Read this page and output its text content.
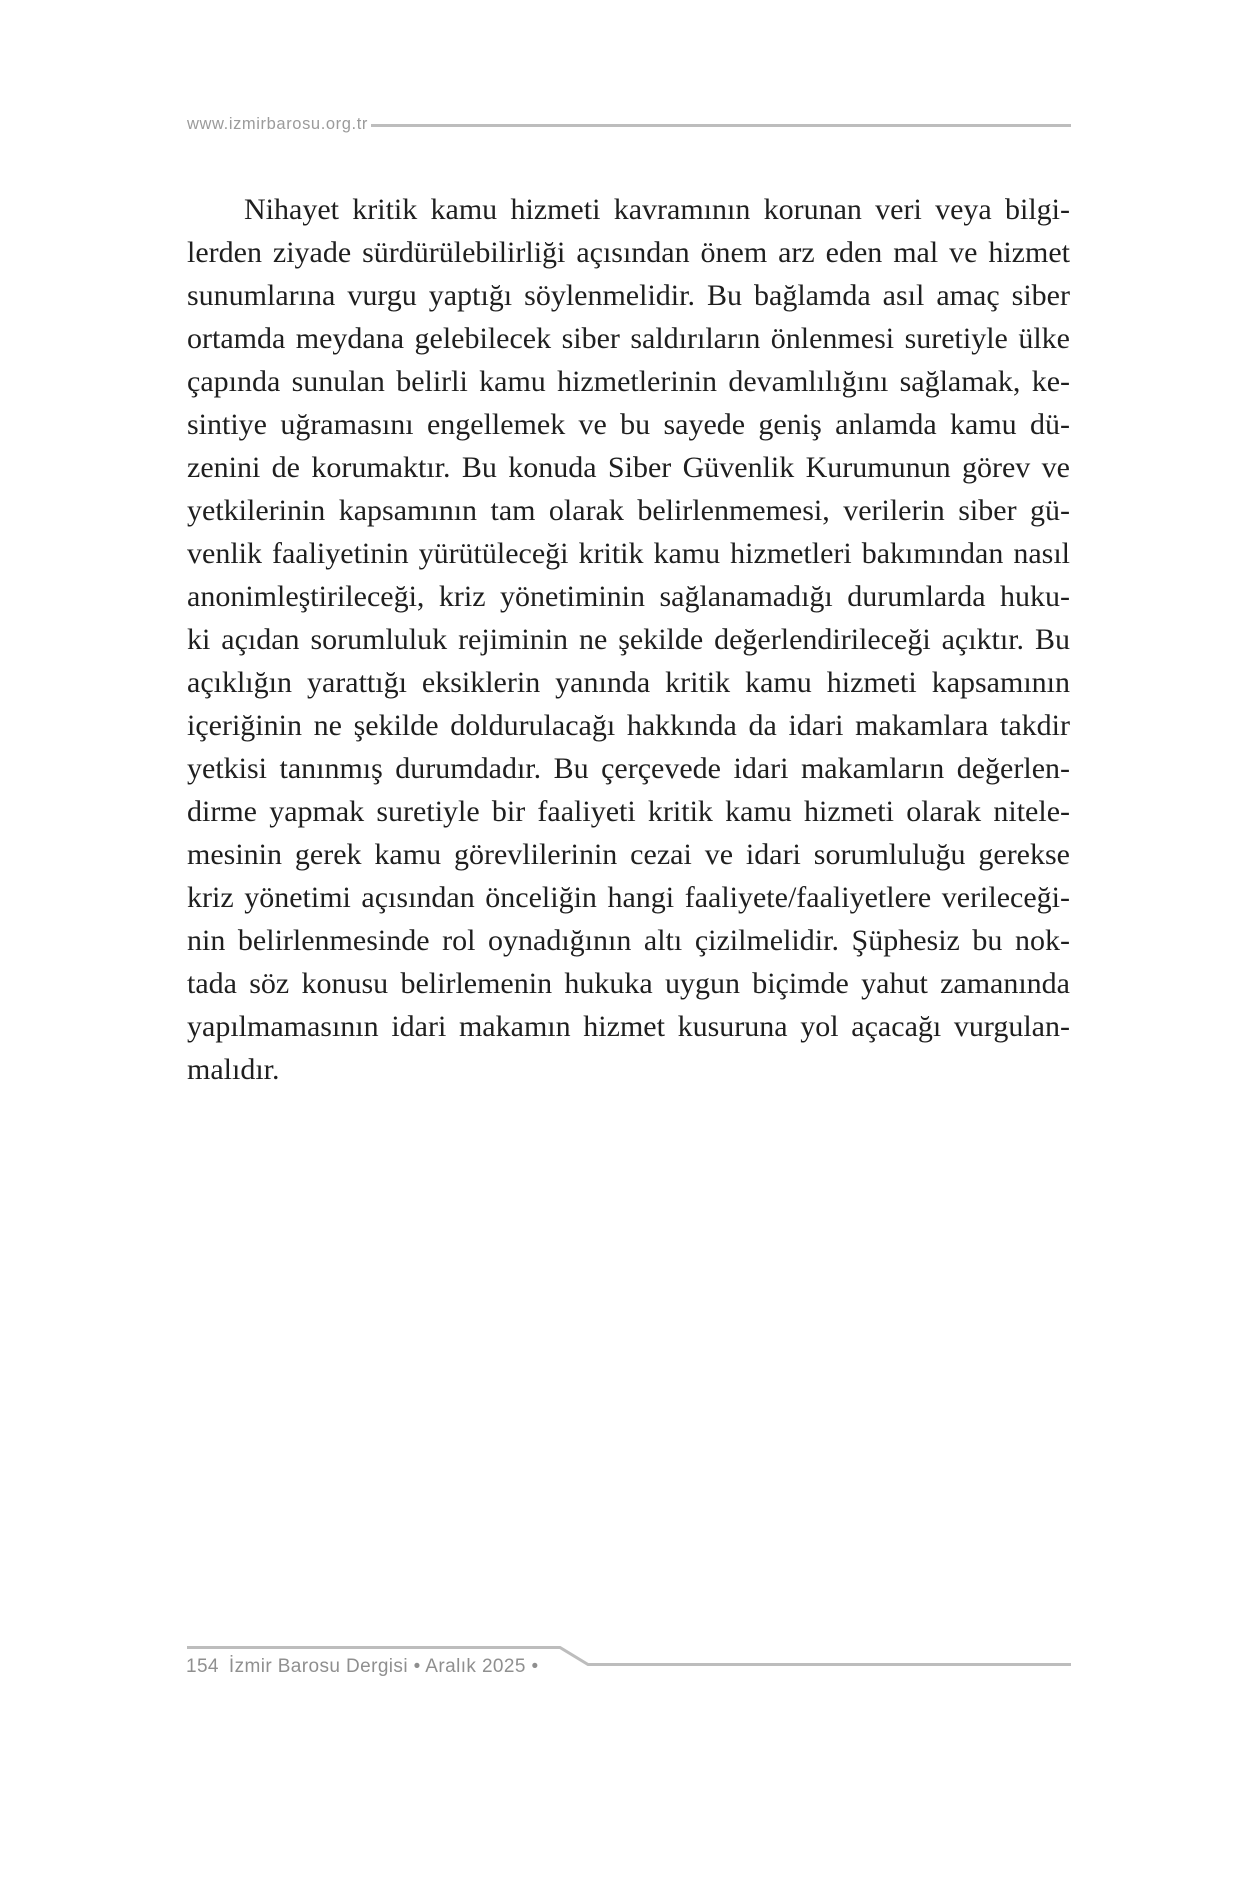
www.izmirbarosu.org.tr
Nihayet kritik kamu hizmeti kavramının korunan veri veya bilgi-
lerden ziyade sürdürülebilirliği açısından önem arz eden mal ve hizmet
sunumlarına vurgu yaptığı söylenmelidir. Bu bağlamda asıl amaç siber
ortamda meydana gelebilecek siber saldırıların önlenmesi suretiyle ülke
çapında sunulan belirli kamu hizmetlerinin devamlılığını sağlamak, ke-
sintiye uğramasını engellemek ve bu sayede geniş anlamda kamu dü-
zenini de korumaktır. Bu konuda Siber Güvenlik Kurumunun görev ve
yetkilerinin kapsamının tam olarak belirlenmemesi, verilerin siber gü-
venlik faaliyetinin yürütüleceği kritik kamu hizmetleri bakımından nasıl
anonimleştirileceği, kriz yönetiminin sağlanamadığı durumlarda huku-
ki açıdan sorumluluk rejiminin ne şekilde değerlendirileceği açıktır. Bu
açıklığın yarattığı eksiklerin yanında kritik kamu hizmeti kapsamının
içeriğinin ne şekilde doldurulacağı hakkında da idari makamlara takdir
yetkisi tanınmış durumdadır. Bu çerçevede idari makamların değerlen-
dirme yapmak suretiyle bir faaliyeti kritik kamu hizmeti olarak nitele-
mesinin gerek kamu görevlilerinin cezai ve idari sorumluluğu gerekse
kriz yönetimi açısından önceliğin hangi faaliyete/faaliyetlere verileceği-
nin belirlenmesinde rol oynadığının altı çizilmelidir. Şüphesiz bu nok-
tada söz konusu belirlemenin hukuka uygun biçimde yahut zamanında
yapılmamasının idari makamın hizmet kusuruna yol açacağı vurgulan-
malıdır.
154 İzmir Barosu Dergisi • Aralık 2025 •
